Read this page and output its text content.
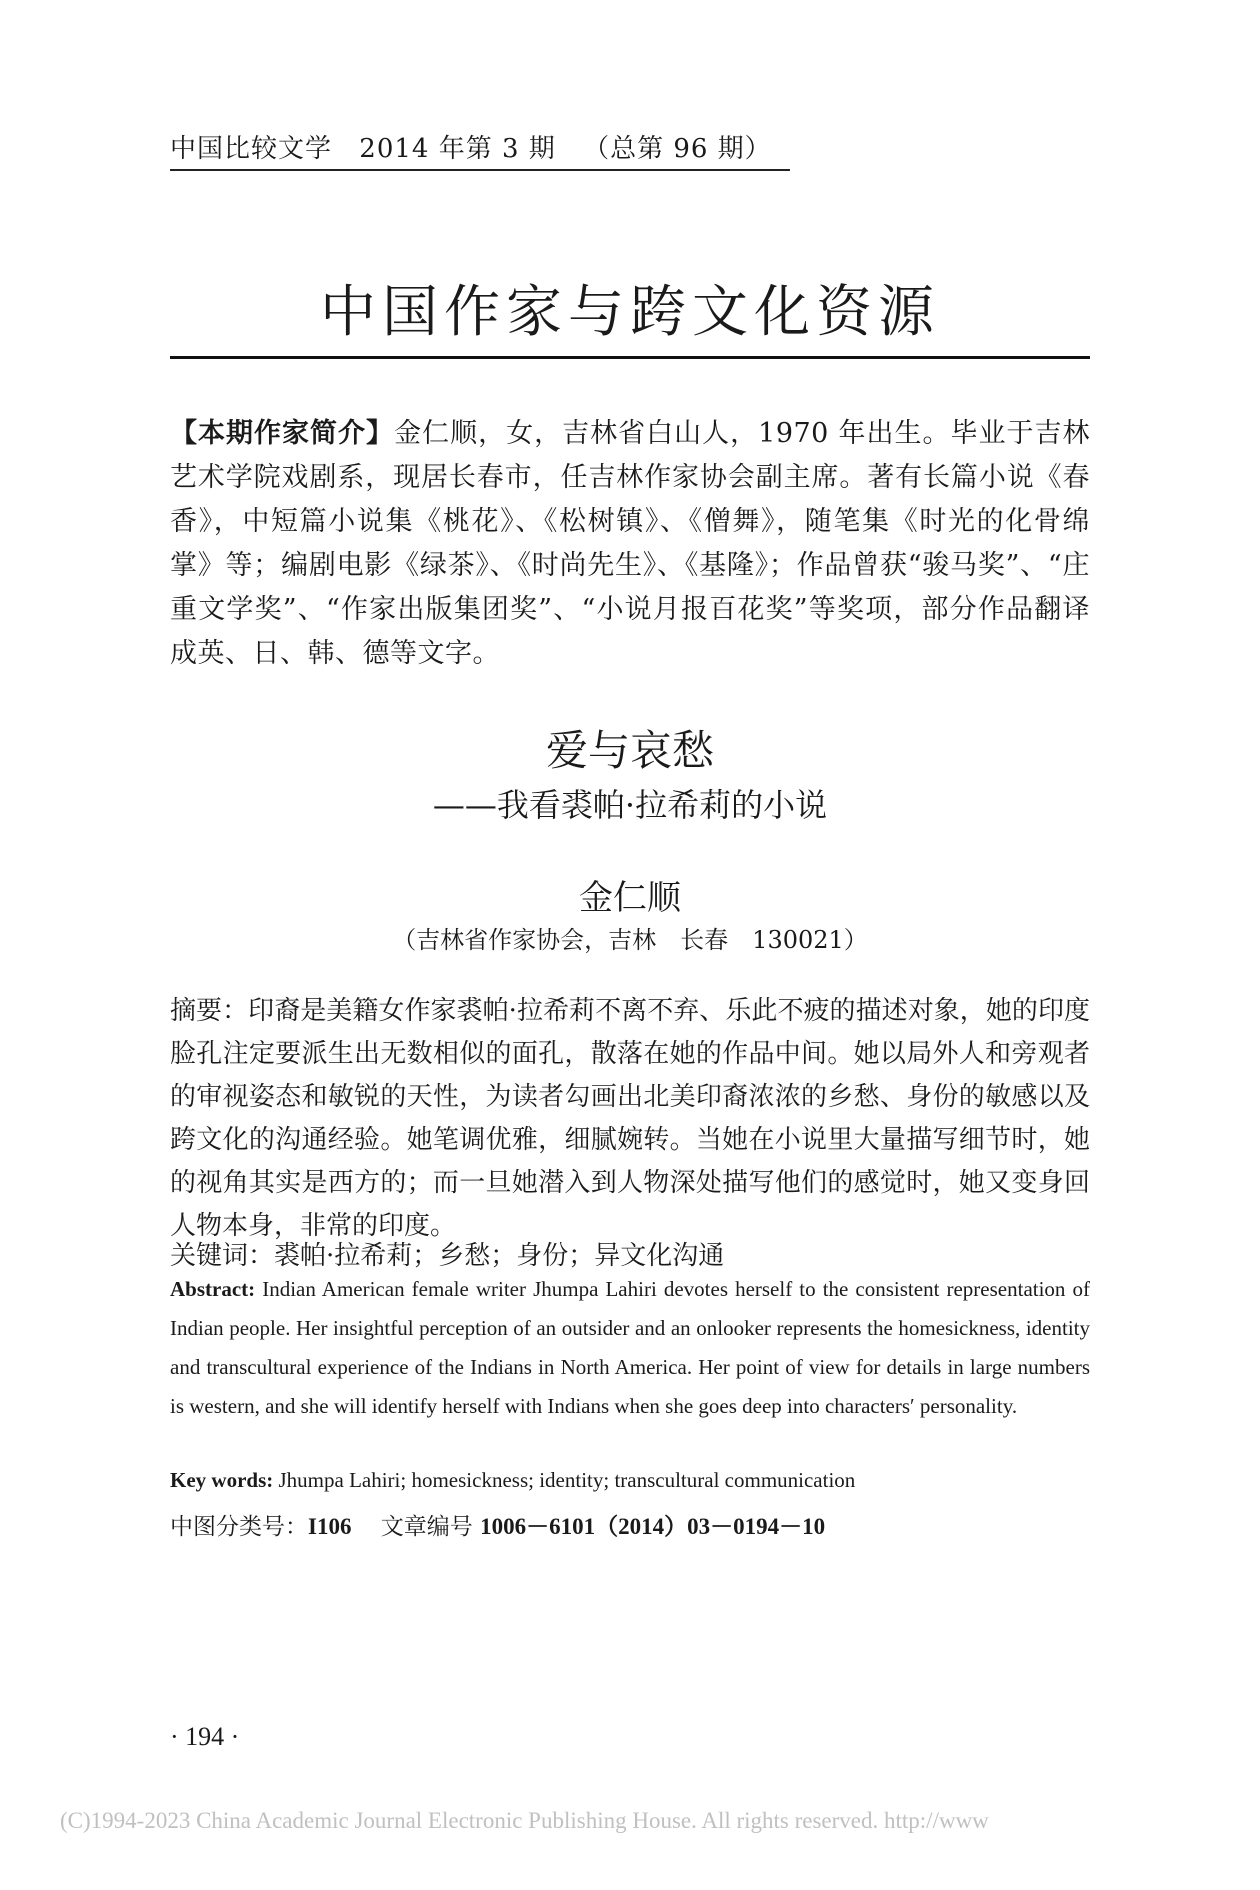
中国比较文学 2014 年第 3 期 （总第 96 期）
中国作家与跨文化资源
【本期作家简介】金仁顺，女，吉林省白山人，1970 年出生。毕业于吉林艺术学院戏剧系，现居长春市，任吉林作家协会副主席。著有长篇小说《春香》，中短篇小说集《桃花》、《松树镇》、《僧舞》，随笔集《时光的化骨绵掌》等；编剧电影《绿茶》、《时尚先生》、《基隆》；作品曾获“骏马奖”、“庄重文学奖”、“作家出版集团奖”、“小说月报百花奖”等奖项，部分作品翻译成英、日、韩、德等文字。
爱与哀愁
——我看裘帕·拉希莉的小说
金仁顺
（吉林省作家协会，吉林　长春　130021）
摘要：印裔是美籍女作家裘帕·拉希莉不离不弃、乐此不疲的描述对象，她的印度脸孔注定要派生出无数相似的面孔，散落在她的作品中间。她以局外人和旁观者的审视姿态和敏锐的天性，为读者勾画出北美印裔浓浓的乡愁、身份的敏感以及跨文化的沟通经验。她笔调优雅，细腻婉转。当她在小说里大量描写细节时，她的视角其实是西方的；而一旦她潜入到人物深处描写他们的感觉时，她又变身回人物本身，非常的印度。
关键词：裘帕·拉希莉；乡愁；身份；异文化沟通
Abstract: Indian American female writer Jhumpa Lahiri devotes herself to the consistent representation of Indian people. Her insightful perception of an outsider and an onlooker represents the homesickness, identity and transcultural experience of the Indians in North America. Her point of view for details in large numbers is western, and she will identify herself with Indians when she goes deep into characters′ personality.
Key words: Jhumpa Lahiri; homesickness; identity; transcultural communication
中图分类号：I106 文章编号 1006－6101（2014）03－0194－10
· 194 ·
(C)1994-2023 China Academic Journal Electronic Publishing House. All rights reserved. http://www
